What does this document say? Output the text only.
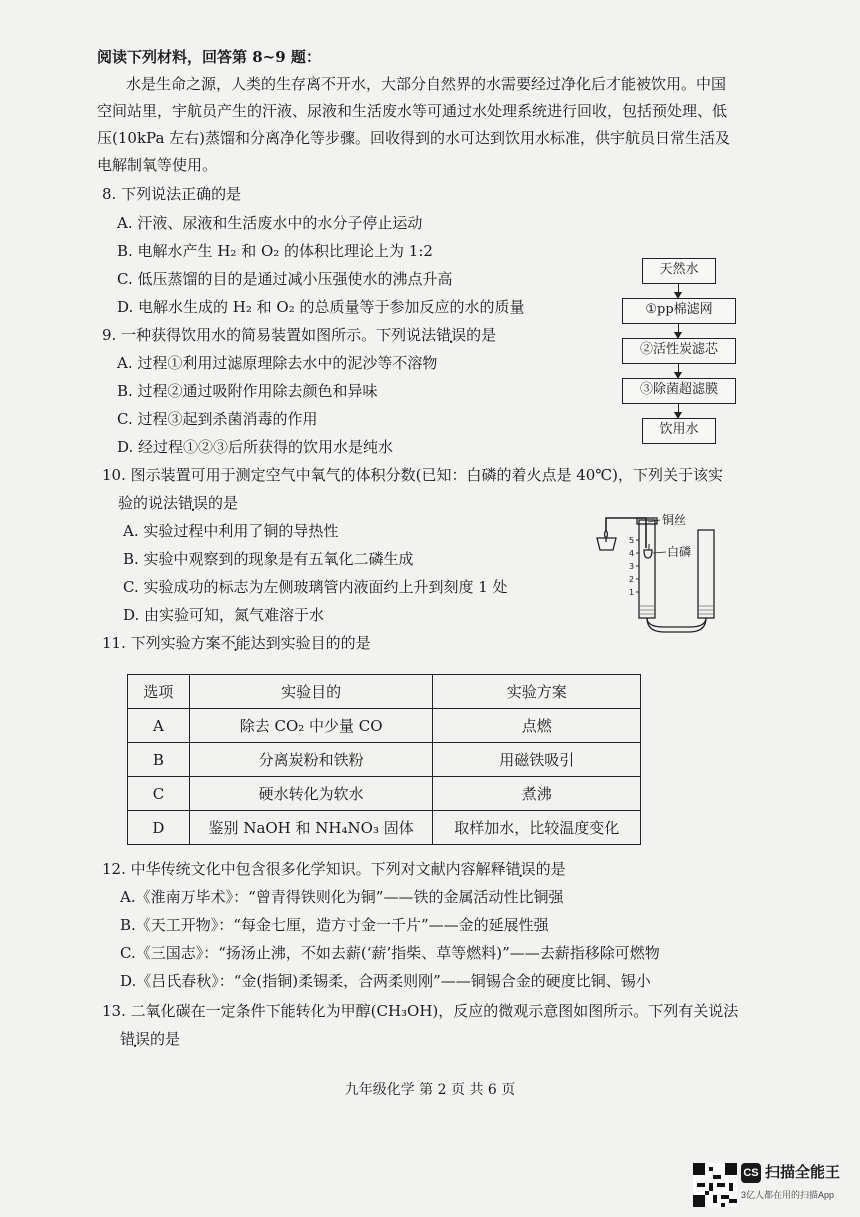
阅读下列材料，回答第 8~9 题：
水是生命之源，人类的生存离不开水，大部分自然界的水需要经过净化后才能被饮用。中国
空间站里，宇航员产生的汗液、尿液和生活废水等可通过水处理系统进行回收，包括预处理、低
压(10kPa 左右)蒸馏和分离净化等步骤。回收得到的水可达到饮用水标准，供宇航员日常生活及
电解制氧等使用。
8. 下列说法正确的是
A. 汗液、尿液和生活废水中的水分子停止运动
B. 电解水产生 H₂ 和 O₂ 的体积比理论上为 1:2
C. 低压蒸馏的目的是通过减小压强使水的沸点升高
D. 电解水生成的 H₂ 和 O₂ 的总质量等于参加反应的水的质量
9. 一种获得饮用水的简易装置如图所示。下列说法错误的是
A. 过程①利用过滤原理除去水中的泥沙等不溶物
B. 过程②通过吸附作用除去颜色和异味
C. 过程③起到杀菌消毒的作用
D. 经过程①②③后所获得的饮用水是纯水
天然水
①pp棉滤网
②活性炭滤芯
③除菌超滤膜
饮用水
10. 图示装置可用于测定空气中氧气的体积分数(已知：白磷的着火点是 40℃)，下列关于该实
验的说法错误的是
A. 实验过程中利用了铜的导热性
B. 实验中观察到的现象是有五氧化二磷生成
C. 实验成功的标志为左侧玻璃管内液面约上升到刻度 1 处
D. 由实验可知，氮气难溶于水
5
4
3
2
1
铜丝
白磷
11. 下列实验方案不能达到实验目的的是
选项	实验目的	实验方案
A	除去 CO₂ 中少量 CO	点燃
B	分离炭粉和铁粉	用磁铁吸引
C	硬水转化为软水	煮沸
D	鉴别 NaOH 和 NH₄NO₃ 固体	取样加水，比较温度变化
12. 中华传统文化中包含很多化学知识。下列对文献内容解释错误的是
A.《淮南万毕术》：“曾青得铁则化为铜”——铁的金属活动性比铜强
B.《天工开物》：“每金七厘，造方寸金一千片”——金的延展性强
C.《三国志》：“扬汤止沸，不如去薪(‘薪’指柴、草等燃料)”——去薪指移除可燃物
D.《吕氏春秋》：“金(指铜)柔锡柔，合两柔则刚”——铜锡合金的硬度比铜、锡小
13. 二氧化碳在一定条件下能转化为甲醇(CH₃OH)，反应的微观示意图如图所示。下列有关说法
错误的是
九年级化学 第 2 页 共 6 页
CS 扫描全能王
3亿人都在用的扫描App
